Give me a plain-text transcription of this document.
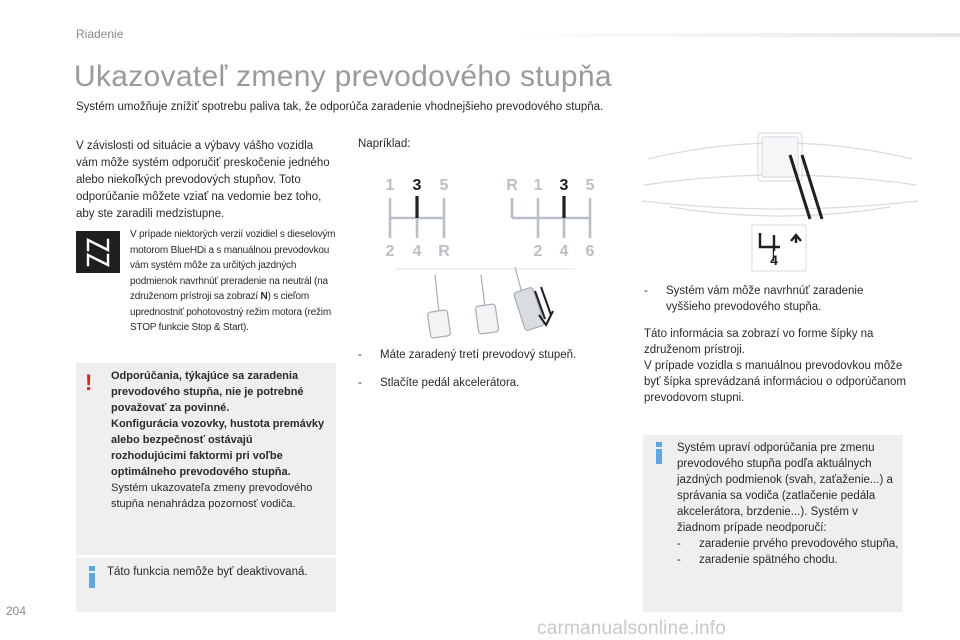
Riadenie
Ukazovateľ zmeny prevodového stupňa

Systém umožňuje znížiť spotrebu paliva tak, že odporúča zaradenie vhodnejšieho prevodového stupňa.

V závislosti od situácie a výbavy vášho vozidla vám môže systém odporučiť preskočenie jedného alebo niekoľkých prevodových stupňov. Toto odporúčanie môžete vziať na vedomie bez toho, aby ste zaradili medzistupne.

V prípade niektorých verzií vozidiel s dieselovým motorom BlueHDi a s manuálnou prevodovkou vám systém môže za určitých jazdných podmienok navrhnúť preradenie na neutrál (na združenom prístroji sa zobrazí N) s cieľom uprednostniť pohotovostný režim motora (režim STOP funkcie Stop & Start).

Napríklad:
1 3 5
2 4 R
R 1 3 5
2 4 6
- Máte zaradený tretí prevodový stupeň.
- Stlačíte pedál akcelerátora.
4
- Systém vám môže navrhnúť zaradenie vyššieho prevodového stupňa.

Táto informácia sa zobrazí vo forme šípky na združenom prístroji.

V prípade vozidla s manuálnou prevodovkou môže byť šípka sprevádzaná informáciou o odporúčanom prevodovom stupni.

!	Odporúčania, týkajúce sa zaradenia prevodového stupňa, nie je potrebné považovať za povinné.
Konfigurácia vozovky, hustota premávky alebo bezpečnosť ostávajú rozhodujúcimi faktormi pri voľbe optimálneho prevodového stupňa.
Systém ukazovateľa zmeny prevodového stupňa nenahrádza pozornosť vodiča.

Táto funkcia nemôže byť deaktivovaná.

Systém upraví odporúčania pre zmenu prevodového stupňa podľa aktuálnych jazdných podmienok (svah, zaťaženie...) a správania sa vodiča (zatlačenie pedála akcelerátora, brzdenie...). Systém v žiadnom prípade neodporučí:

- zaradenie prvého prevodového stupňa,
- zaradenie spätného chodu.
204
carmanualsonline.info
